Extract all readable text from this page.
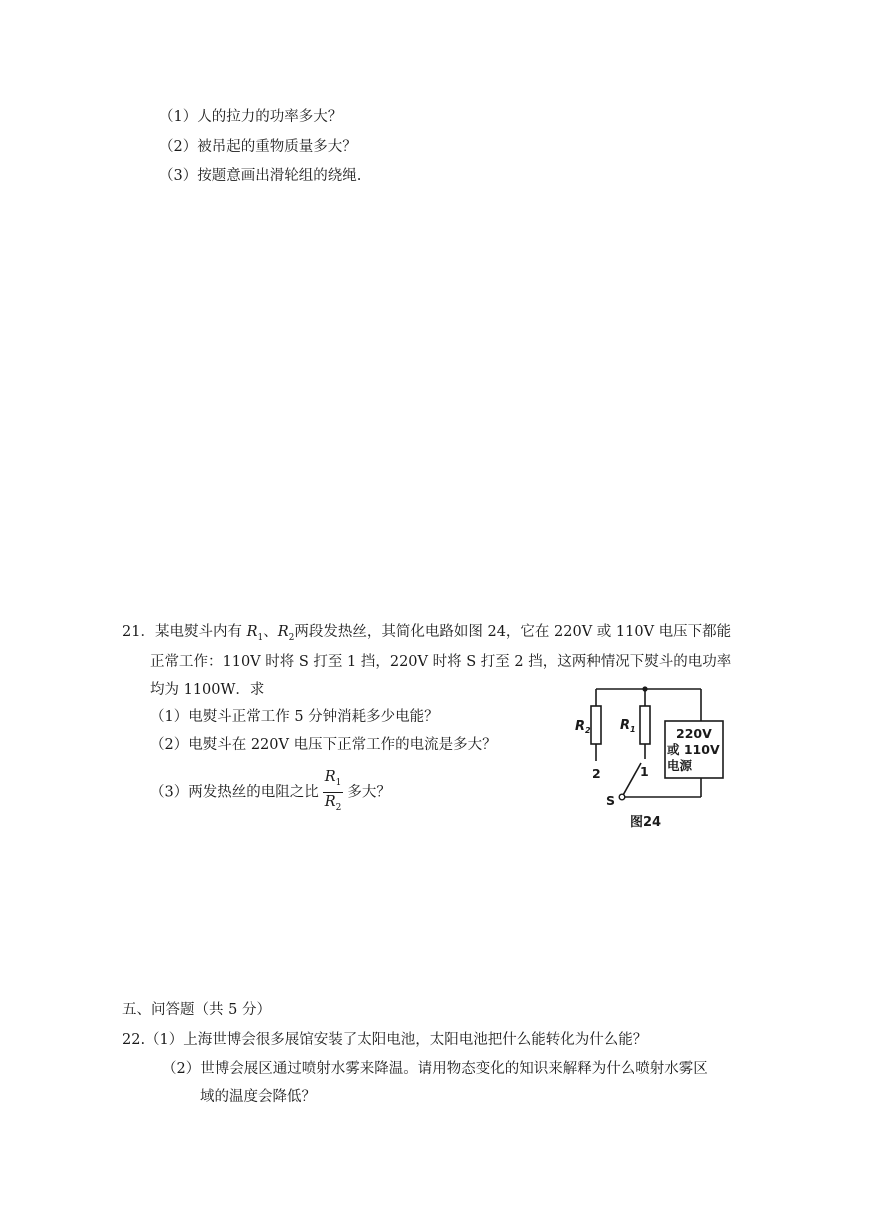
（1）人的拉力的功率多大？
（2）被吊起的重物质量多大？
（3）按题意画出滑轮组的绕绳.
21．某电熨斗内有 $R_1$、$R_2$两段发热丝，其简化电路如图 24，它在 220V 或 110V 电压下都能
正常工作：110V 时将 S 打至 1 挡，220V 时将 S 打至 2 挡，这两种情况下熨斗的电功率
均为 1100W．求
（1）电熨斗正常工作 5 分钟消耗多少电能？
（2）电熨斗在 220V 电压下正常工作的电流是多大？
（3）两发热丝的电阻之比 $\frac{R_1}{R_2}$ 多大？
$R_2$ $R_1$	220V
或 110V
电源
2	1
S
图24
五、问答题（共 5 分）
22.（1）上海世博会很多展馆安装了太阳电池，太阳电池把什么能转化为什么能？
（2）世博会展区通过喷射水雾来降温。请用物态变化的知识来解释为什么喷射水雾区
域的温度会降低？
